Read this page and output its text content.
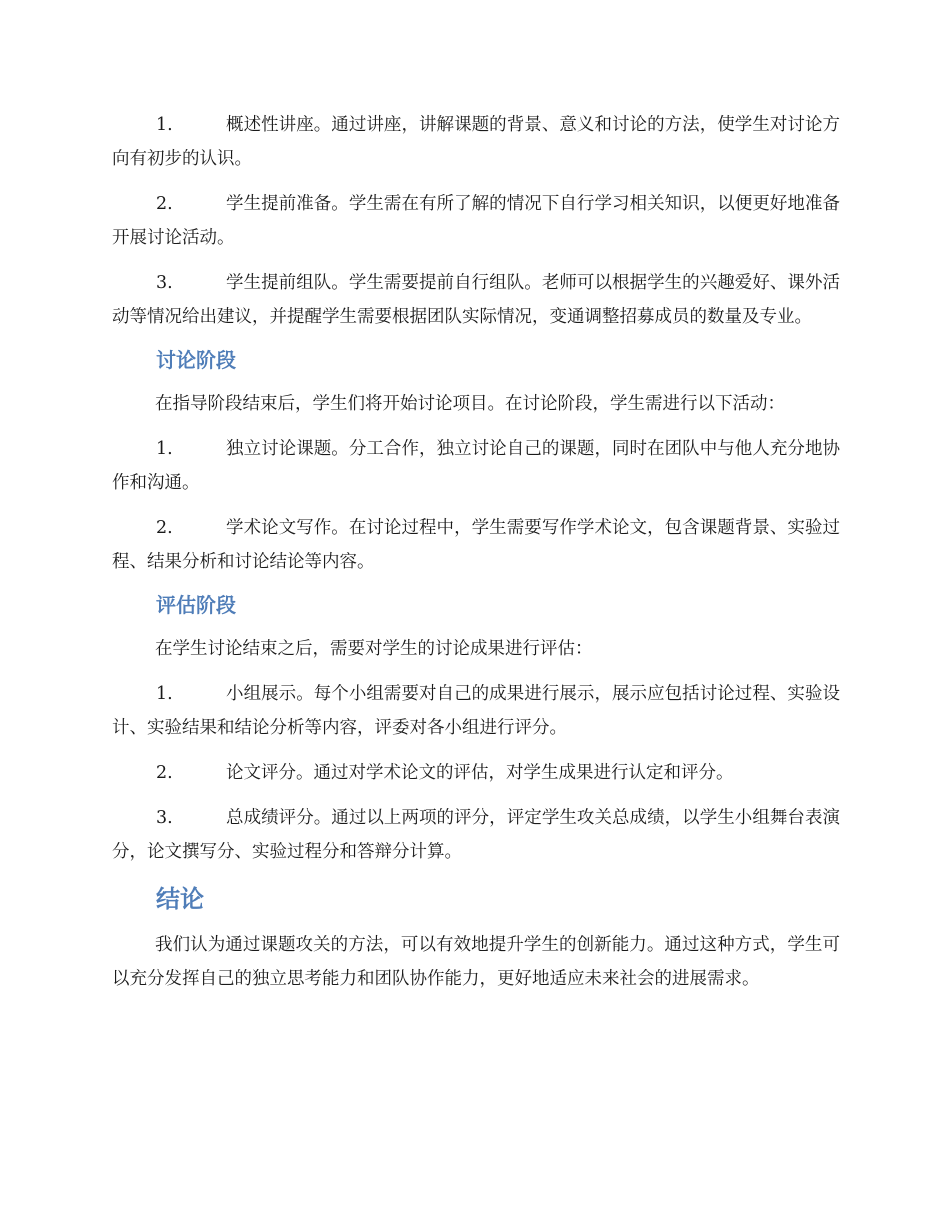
1.	概述性讲座。通过讲座，讲解课题的背景、意义和讨论的方法，使学生对讨论方向有初步的认识。

2.	学生提前准备。学生需在有所了解的情况下自行学习相关知识，以便更好地准备开展讨论活动。

3.	学生提前组队。学生需要提前自行组队。老师可以根据学生的兴趣爱好、课外活动等情况给出建议，并提醒学生需要根据团队实际情况，变通调整招募成员的数量及专业。

讨论阶段

在指导阶段结束后，学生们将开始讨论项目。在讨论阶段，学生需进行以下活动：

1.	独立讨论课题。分工合作，独立讨论自己的课题，同时在团队中与他人充分地协作和沟通。

2.	学术论文写作。在讨论过程中，学生需要写作学术论文，包含课题背景、实验过程、结果分析和讨论结论等内容。

评估阶段

在学生讨论结束之后，需要对学生的讨论成果进行评估：

1.	小组展示。每个小组需要对自己的成果进行展示，展示应包括讨论过程、实验设计、实验结果和结论分析等内容，评委对各小组进行评分。

2.	论文评分。通过对学术论文的评估，对学生成果进行认定和评分。

3.	总成绩评分。通过以上两项的评分，评定学生攻关总成绩，以学生小组舞台表演分，论文撰写分、实验过程分和答辩分计算。

结论

我们认为通过课题攻关的方法，可以有效地提升学生的创新能力。通过这种方式，学生可以充分发挥自己的独立思考能力和团队协作能力，更好地适应未来社会的进展需求。
